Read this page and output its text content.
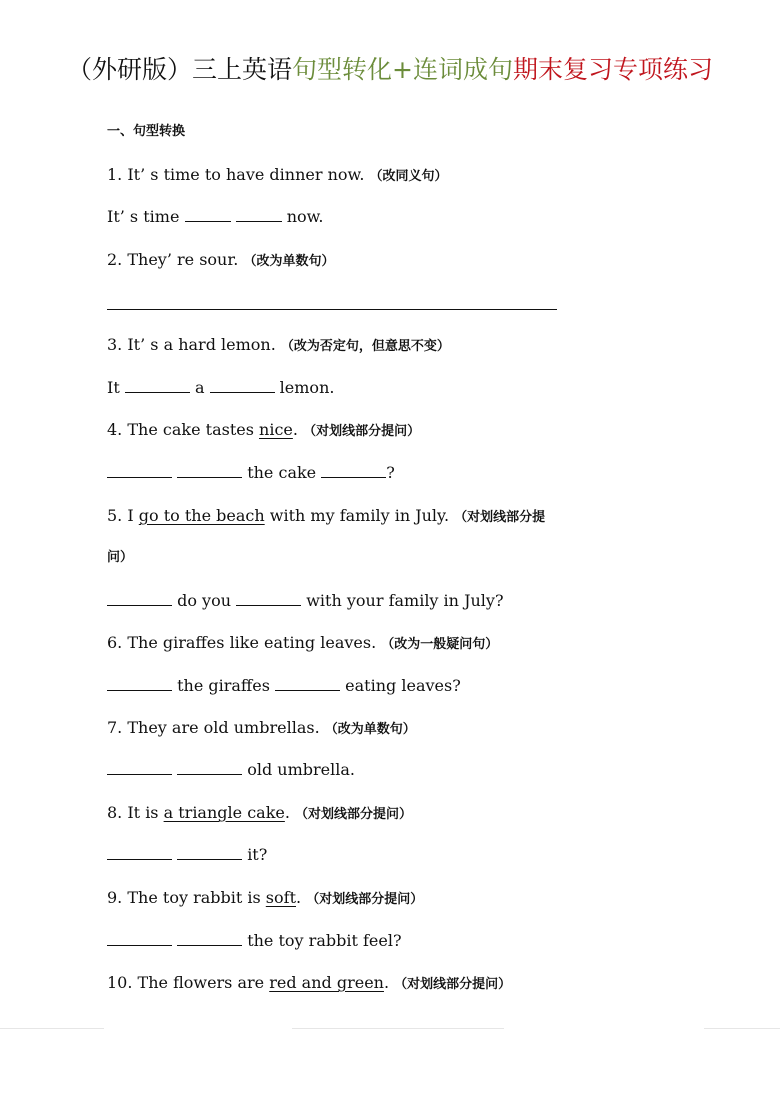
（外研版）三上英语句型转化+连词成句期末复习专项练习
一、句型转换
1. It’ s time to have dinner now. （改同义句）
It’ s time	now.
2. They’ re sour. （改为单数句）
3. It’ s a hard lemon. （改为否定句，但意思不变）
It	a	lemon.
4. The cake tastes nice. （对划线部分提问）
the cake	?
5. I go to the beach with my family in July. （对划线部分提
问）
do you	with your family in July?
6. The giraffes like eating leaves. （改为一般疑问句）
the giraffes	eating leaves?
7. They are old umbrellas. （改为单数句）
old umbrella.
8. It is a triangle cake. （对划线部分提问）
it?
9. The toy rabbit is soft. （对划线部分提问）
the toy rabbit feel?
10. The flowers are red and green. （对划线部分提问）
